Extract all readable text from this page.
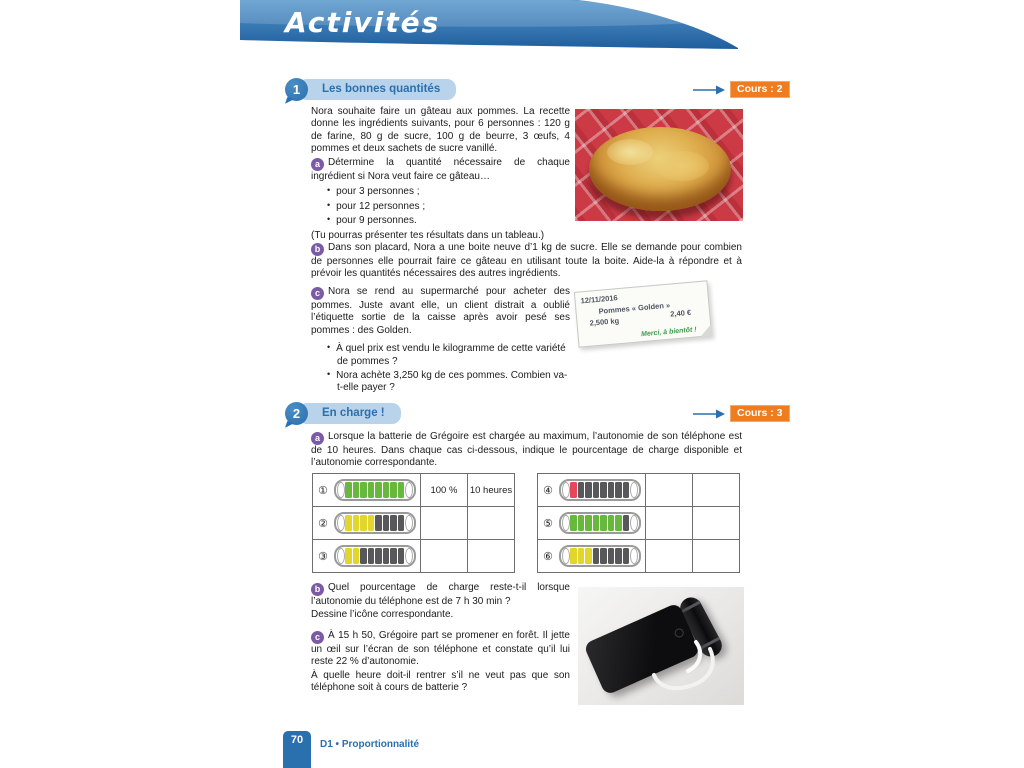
Activités
1	Les bonnes quantités	Cours : 2

Nora souhaite faire un gâteau aux pommes. La recette donne les ingrédients suivants, pour 6 personnes : 120 g de farine, 80 g de sucre, 100 g de beurre, 3 œufs, 4 pommes et deux sachets de sucre vanillé.

a Détermine la quantité nécessaire de chaque ingrédient si Nora veut faire ce gâteau…

• pour 3 personnes ;
• pour 12 personnes ;
• pour 9 personnes.
(Tu pourras présenter tes résultats dans un tableau.)

b Dans son placard, Nora a une boite neuve d’1 kg de sucre. Elle se demande pour combien de personnes elle pourrait faire ce gâteau en utilisant toute la boite. Aide-la à répondre et à prévoir les quantités nécessaires des autres ingrédients.

c Nora se rend au supermarché pour acheter des pommes. Juste avant elle, un client distrait a oublié l’étiquette sortie de la caisse après avoir pesé ses pommes : des Golden.

• À quel prix est vendu le kilogramme de cette variété de pommes ?
• Nora achète 3,250 kg de ces pommes. Combien va-t-elle payer ?
12/11/2016
Pommes « Golden »
2,500 kg
2,40 €
Merci, à bientôt !
2	En charge !	Cours : 3

a Lorsque la batterie de Grégoire est chargée au maximum, l’autonomie de son téléphone est de 10 heures. Dans chaque cas ci-dessous, indique le pourcentage de charge disponible et l’autonomie correspondante.

①	100 %	10 heures
②
③
④
⑤
⑥

b Quel pourcentage de charge reste-t-il lorsque l’autonomie du téléphone est de 7 h 30 min ?

Dessine l’icône correspondante.

c À 15 h 50, Grégoire part se promener en forêt. Il jette un œil sur l’écran de son téléphone et constate qu’il lui reste 22 % d’autonomie.

À quelle heure doit-il rentrer s’il ne veut pas que son téléphone soit à cours de batterie ?
70	D1 • Proportionnalité
